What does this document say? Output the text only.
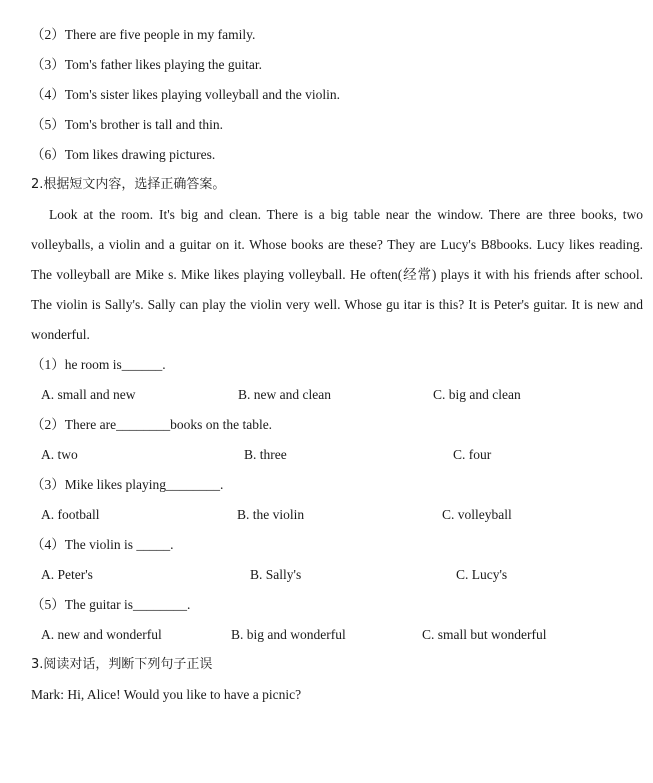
（2）There are five people in my family.
（3）Tom's father likes playing the guitar.
（4）Tom's sister likes playing volleyball and the violin.
（5）Tom's brother is tall and thin.
（6）Tom likes drawing pictures.
2.根据短文内容，选择正确答案。
Look at the room. It's big and clean. There is a big table near the window. There are three books, two volleyballs, a violin and a guitar on it. Whose books are these? They are Lucy's B8books. Lucy likes reading. The volleyball are Mike s. Mike likes playing volleyball. He often(经常) plays it with his friends after school. The violin is Sally's. Sally can play the violin very well. Whose gu itar is this? It is Peter's guitar. It is new and wonderful.
（1）he room is______.
A. small and new	B. new and clean	C. big and clean
（2）There are________books on the table.
A. two	B. three	C. four
（3）Mike likes playing________.
A. football	B. the violin	C. volleyball
（4）The violin is _____.
A. Peter's	B. Sally's	C. Lucy's
（5）The guitar is________.
A. new and wonderful	B. big and wonderful	C. small but wonderful
3.阅读对话，判断下列句子正误
Mark: Hi, Alice! Would you like to have a picnic?
